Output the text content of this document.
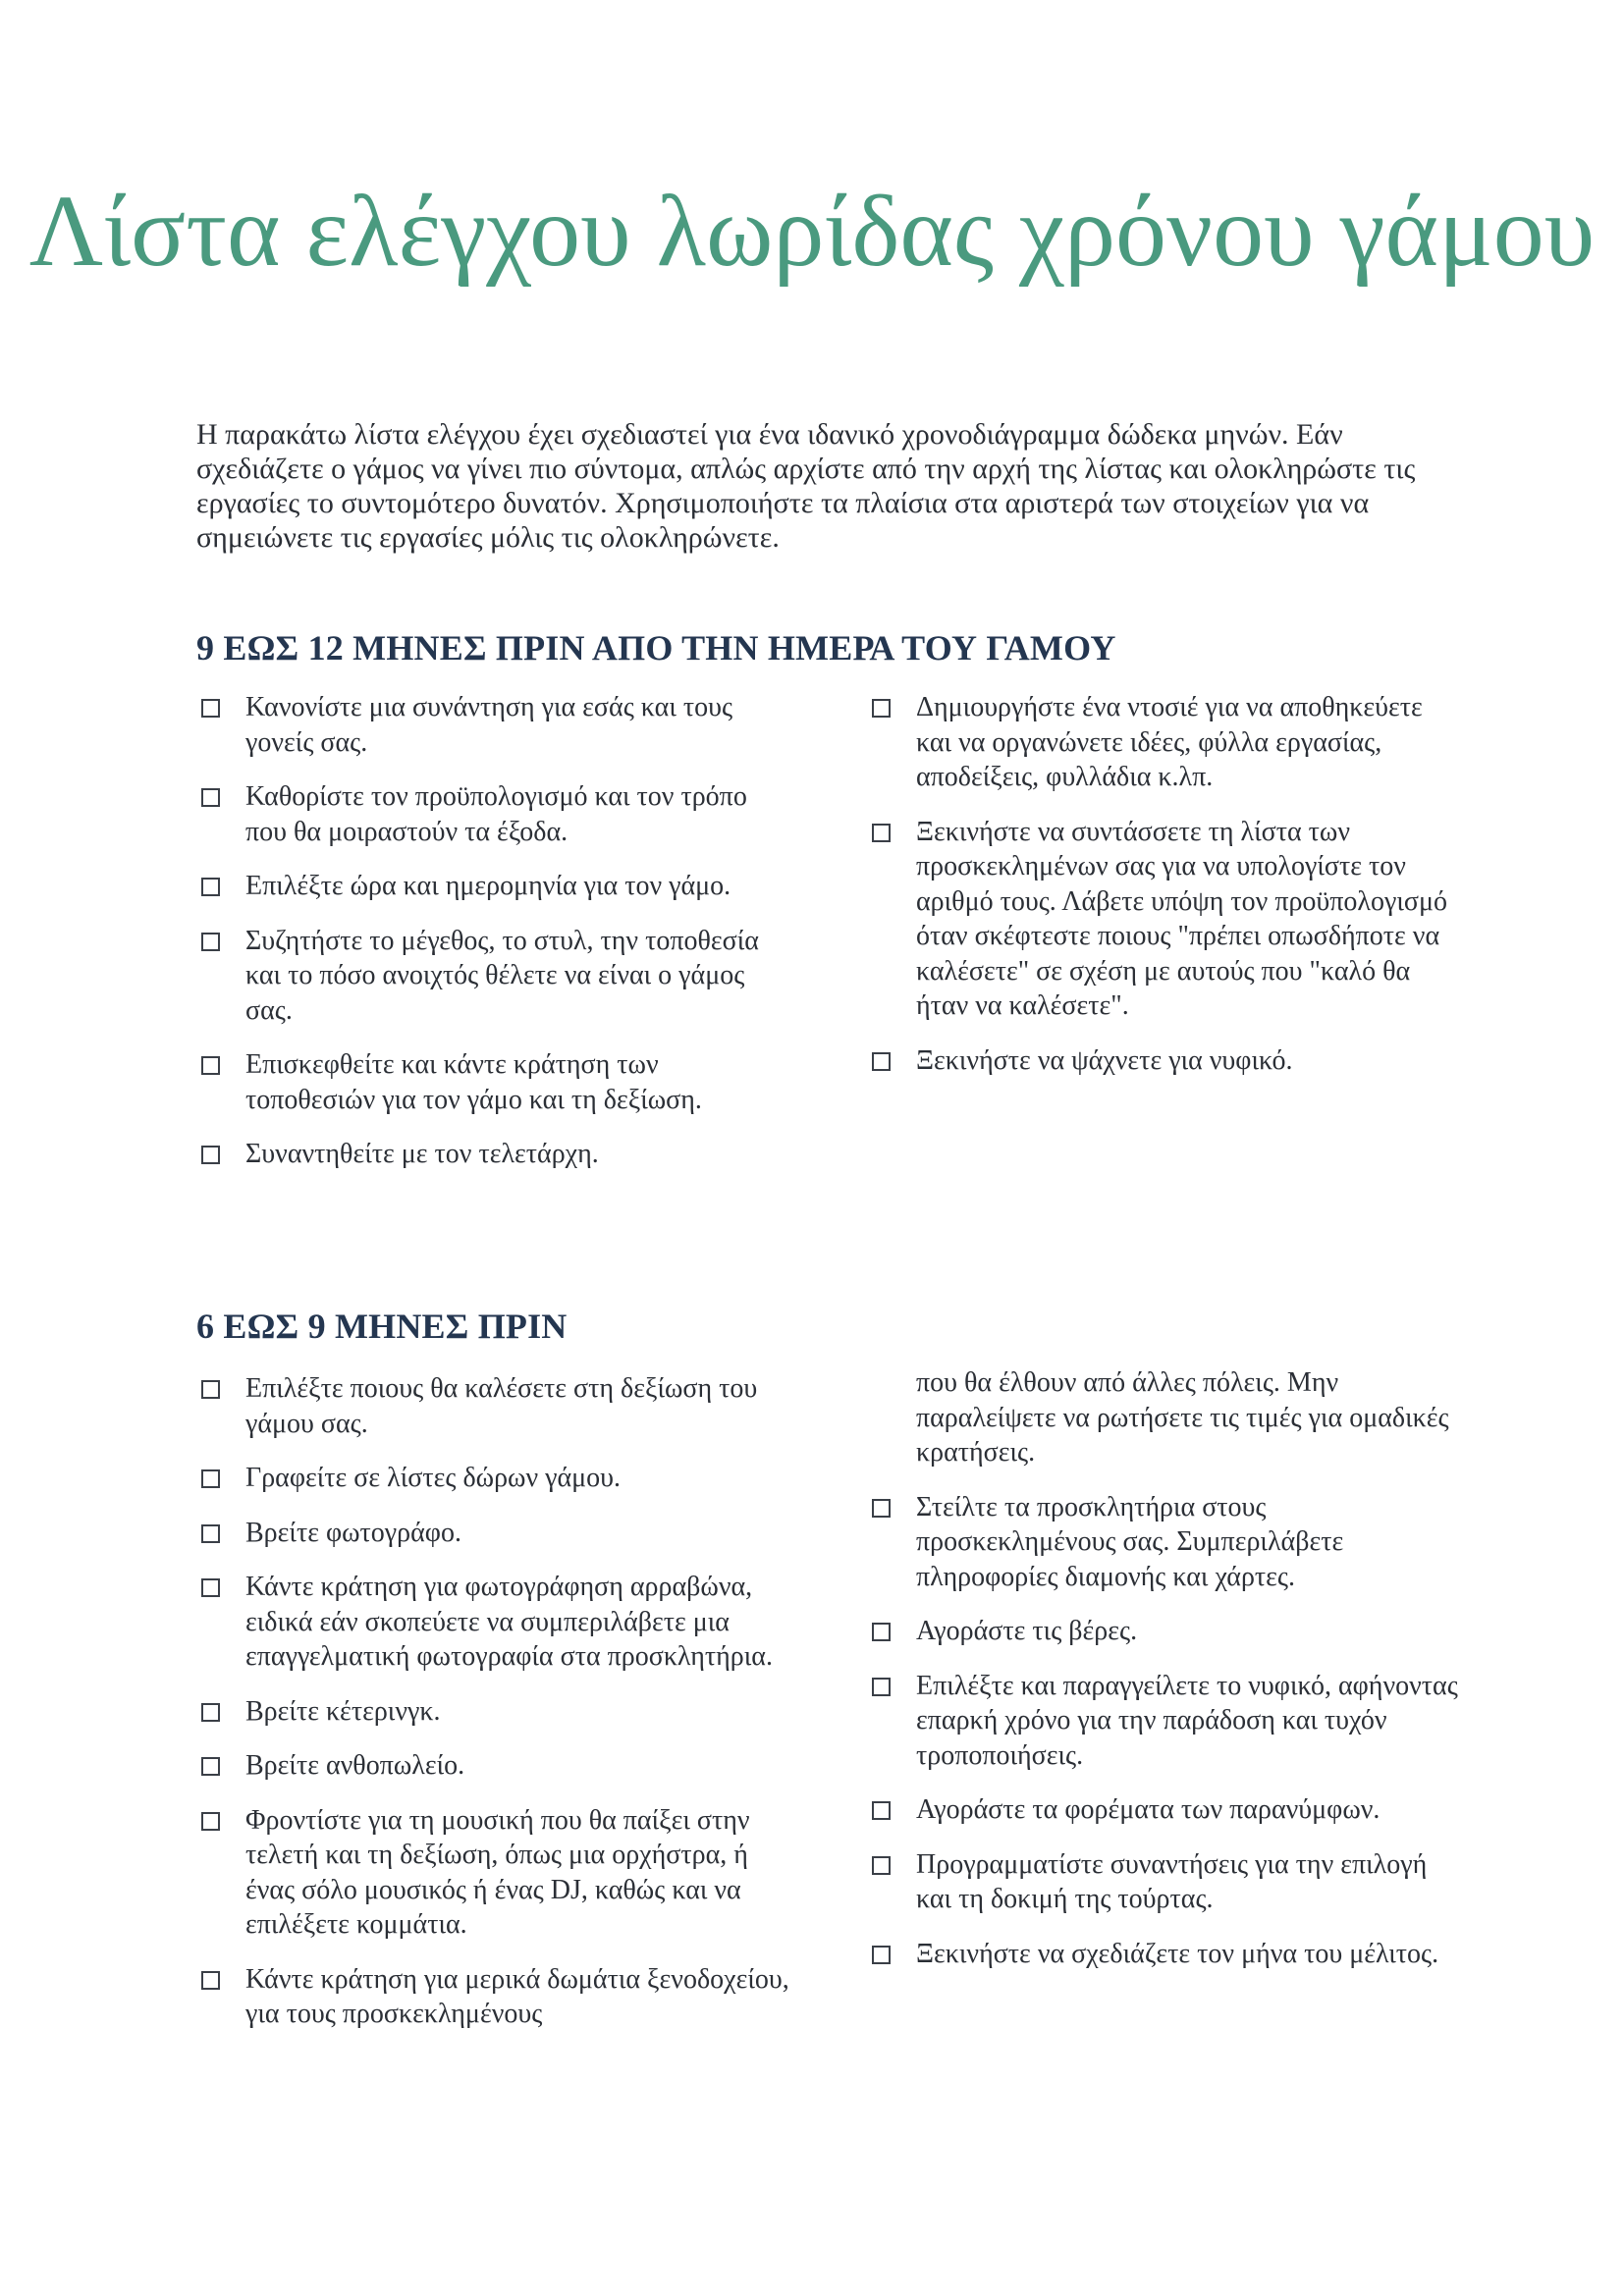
Λίστα ελέγχου λωρίδας χρόνου γάμου

Η παρακάτω λίστα ελέγχου έχει σχεδιαστεί για ένα ιδανικό χρονοδιάγραμμα δώδεκα μηνών. Εάν σχεδιάζετε ο γάμος να γίνει πιο σύντομα, απλώς αρχίστε από την αρχή της λίστας και ολοκληρώστε τις εργασίες το συντομότερο δυνατόν. Χρησιμοποιήστε τα πλαίσια στα αριστερά των στοιχείων για να σημειώνετε τις εργασίες μόλις τις ολοκληρώνετε.

9 ΕΩΣ 12 ΜΗΝΕΣ ΠΡΙΝ ΑΠΟ ΤΗΝ ΗΜΕΡΑ ΤΟΥ ΓΑΜΟΥ
Κανονίστε μια συνάντηση για εσάς και τους γονείς σας.
Καθορίστε τον προϋπολογισμό και τον τρόπο που θα μοιραστούν τα έξοδα.
Επιλέξτε ώρα και ημερομηνία για τον γάμο.
Συζητήστε το μέγεθος, το στυλ, την τοποθεσία και το πόσο ανοιχτός θέλετε να είναι ο γάμος σας.
Επισκεφθείτε και κάντε κράτηση των τοποθεσιών για τον γάμο και τη δεξίωση.
Συναντηθείτε με τον τελετάρχη.
Δημιουργήστε ένα ντοσιέ για να αποθηκεύετε και να οργανώνετε ιδέες, φύλλα εργασίας, αποδείξεις, φυλλάδια κ.λπ.
Ξεκινήστε να συντάσσετε τη λίστα των προσκεκλημένων σας για να υπολογίστε τον αριθμό τους. Λάβετε υπόψη τον προϋπολογισμό όταν σκέφτεστε ποιους "πρέπει οπωσδήποτε να καλέσετε" σε σχέση με αυτούς που "καλό θα ήταν να καλέσετε".
Ξεκινήστε να ψάχνετε για νυφικό.
6 ΕΩΣ 9 ΜΗΝΕΣ ΠΡΙΝ
Επιλέξτε ποιους θα καλέσετε στη δεξίωση του γάμου σας.
Γραφείτε σε λίστες δώρων γάμου.
Βρείτε φωτογράφο.
Κάντε κράτηση για φωτογράφηση αρραβώνα, ειδικά εάν σκοπεύετε να συμπεριλάβετε μια επαγγελματική φωτογραφία στα προσκλητήρια.
Βρείτε κέτερινγκ.
Βρείτε ανθοπωλείο.
Φροντίστε για τη μουσική που θα παίξει στην τελετή και τη δεξίωση, όπως μια ορχήστρα, ή ένας σόλο μουσικός ή ένας DJ, καθώς και να επιλέξετε κομμάτια.
Κάντε κράτηση για μερικά δωμάτια ξενοδοχείου, για τους προσκεκλημένους
που θα έλθουν από άλλες πόλεις. Μην παραλείψετε να ρωτήσετε τις τιμές για ομαδικές κρατήσεις.
Στείλτε τα προσκλητήρια στους προσκεκλημένους σας. Συμπεριλάβετε πληροφορίες διαμονής και χάρτες.
Αγοράστε τις βέρες.
Επιλέξτε και παραγγείλετε το νυφικό, αφήνοντας επαρκή χρόνο για την παράδοση και τυχόν τροποποιήσεις.
Αγοράστε τα φορέματα των παρανύμφων.
Προγραμματίστε συναντήσεις για την επιλογή και τη δοκιμή της τούρτας.
Ξεκινήστε να σχεδιάζετε τον μήνα του μέλιτος.
